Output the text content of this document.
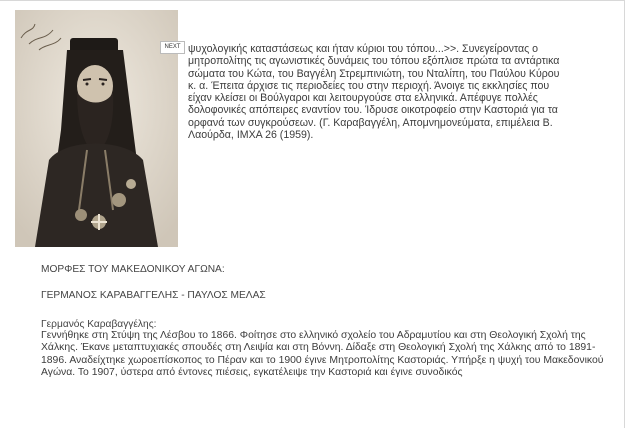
NEXT ψυχολογικής καταστάσεως και ήταν κύριοι του τόπου...>>. Συνεγείροντας ο μητροπολίτης τις αγωνιστικές δυνάμεις του τόπου εξόπλισε πρώτα τα αντάρτικα σώματα του Κώτα, του Βαγγέλη Στρεμπινιώτη, του Νταλίπη, του Παύλου Κύρου κ. α. Έπειτα άρχισε τις περιοδείες του στην περιοχή. Άνοιγε τις εκκλησίες που είχαν κλείσει οι Βούλγαροι και λειτουργούσε στα ελληνικά. Απέφυγε πολλές δολοφονικές απόπειρες εναντίον του. Ίδρυσε οικοτροφείο στην Καστοριά για τα ορφανά των συγκρούσεων. (Γ. Καραβαγγέλη, Απομνημονεύματα, επιμέλεια Β. Λαούρδα, ΙΜΧΑ 26 (1959).
ΜΟΡΦΕΣ ΤΟΥ ΜΑΚΕΔΟΝΙΚΟΥ ΑΓΩΝΑ:
ΓΕΡΜΑΝΟΣ ΚΑΡΑΒΑΓΓΕΛΗΣ - ΠΑΥΛΟΣ ΜΕΛΑΣ
Γερμανός Καραβαγγέλης:
Γεννήθηκε στη Στύψη της Λέσβου το 1866. Φοίτησε στο ελληνικό σχολείο του Αδραμυτίου και στη Θεολογική Σχολή της Χάλκης. Έκανε μεταπτυχιακές σπουδές στη Λειψία και στη Βόννη. Δίδαξε στη Θεολογική Σχολή της Χάλκης από το 1891-1896. Αναδείχτηκε χωροεπίσκοπος το Πέραν και το 1900 έγινε Μητροπολίτης Καστοριάς. Υπήρξε η ψυχή του Μακεδονικού Αγώνα. Το 1907, ύστερα από έντονες πιέσεις, εγκατέλειψε την Καστοριά και έγινε συνοδικός
